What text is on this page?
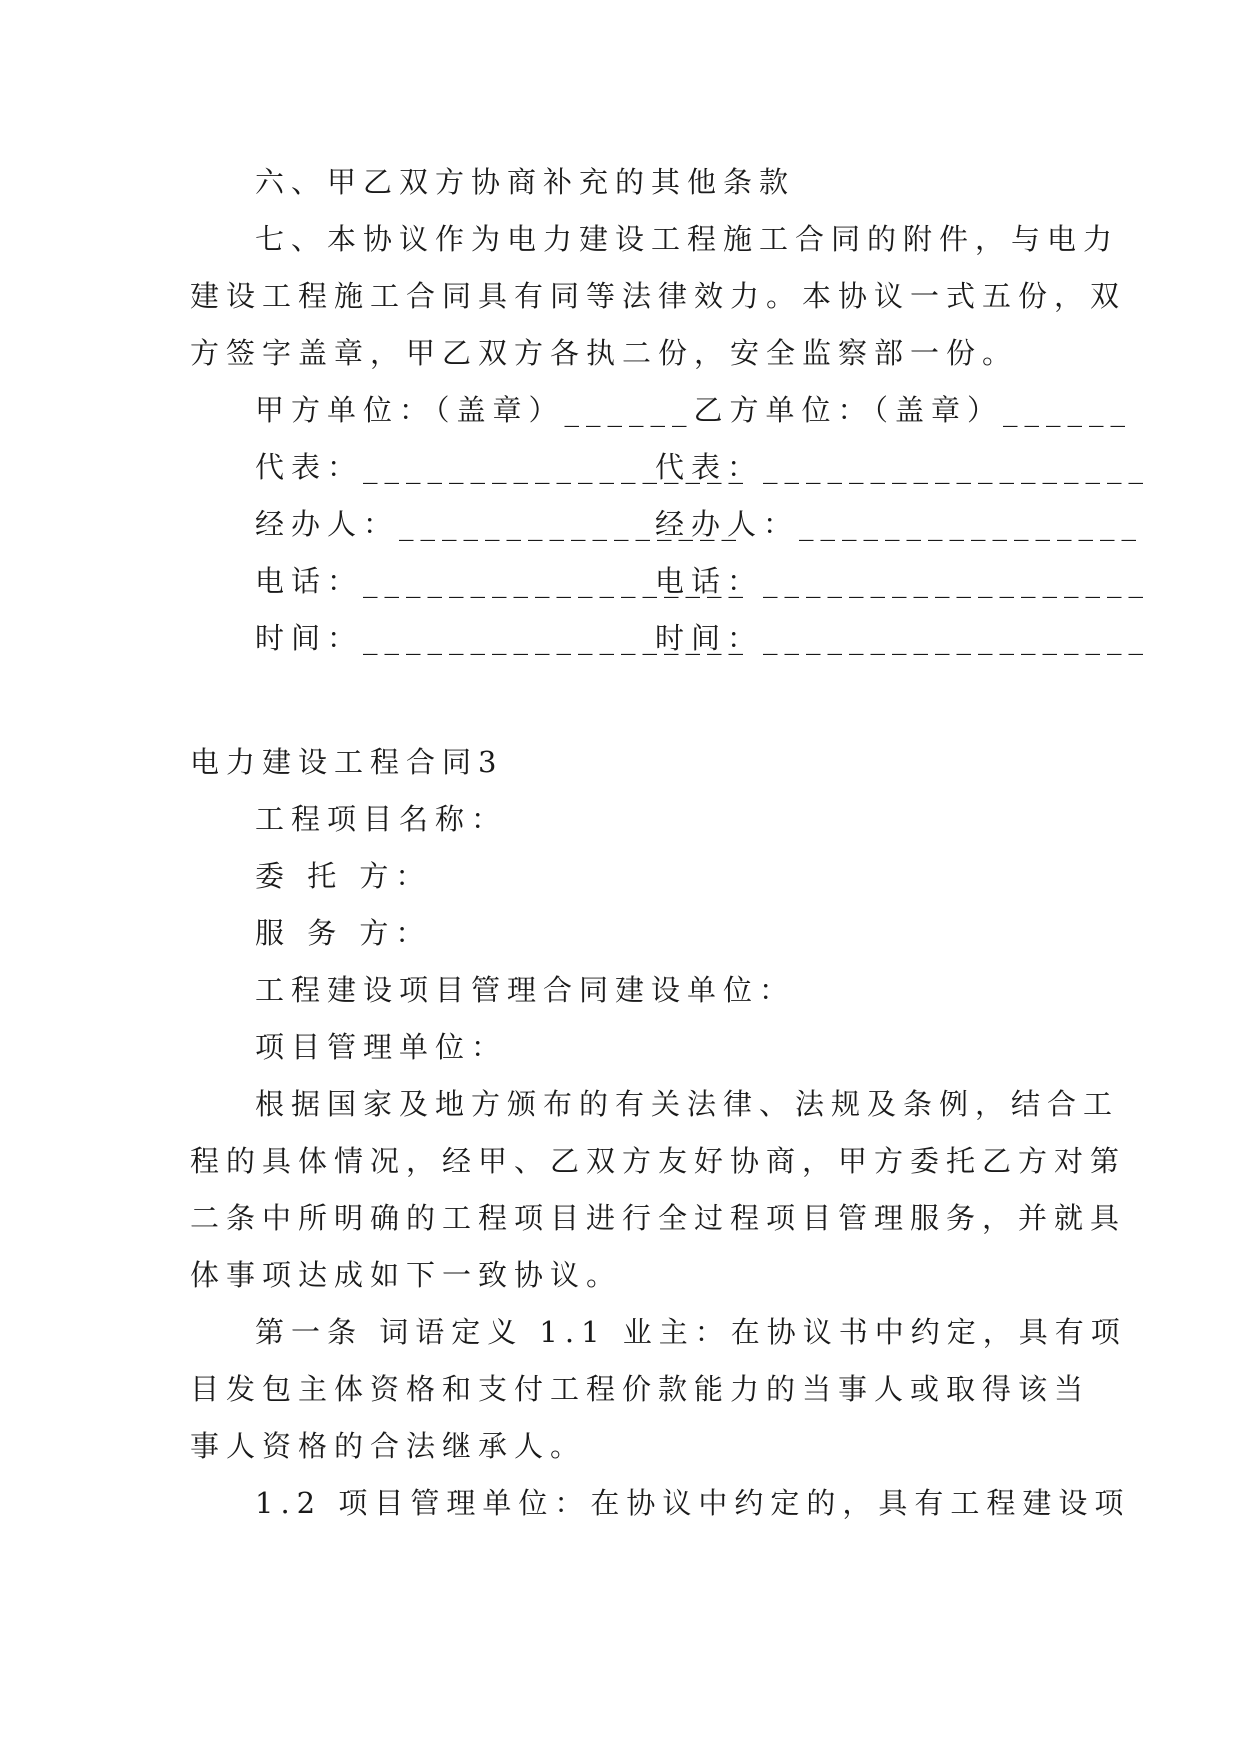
六、甲乙双方协商补充的其他条款
七、本协议作为电力建设工程施工合同的附件，与电力
建设工程施工合同具有同等法律效力。本协议一式五份，双
方签字盖章，甲乙双方各执二份，安全监察部一份。
甲方单位：（盖章）______乙方单位：（盖章）______
代表：__________________
代表：__________________
经办人：________________
经办人：________________
电话：__________________
电话：__________________
时间：__________________
时间：__________________
电力建设工程合同3
工程项目名称：
委 托 方：
服 务 方：
工程建设项目管理合同建设单位：
项目管理单位：
根据国家及地方颁布的有关法律、法规及条例，结合工
程的具体情况，经甲、乙双方友好协商，甲方委托乙方对第
二条中所明确的工程项目进行全过程项目管理服务，并就具
体事项达成如下一致协议。
第一条 词语定义 1.1 业主：在协议书中约定，具有项
目发包主体资格和支付工程价款能力的当事人或取得该当
事人资格的合法继承人。
1.2 项目管理单位：在协议中约定的，具有工程建设项
